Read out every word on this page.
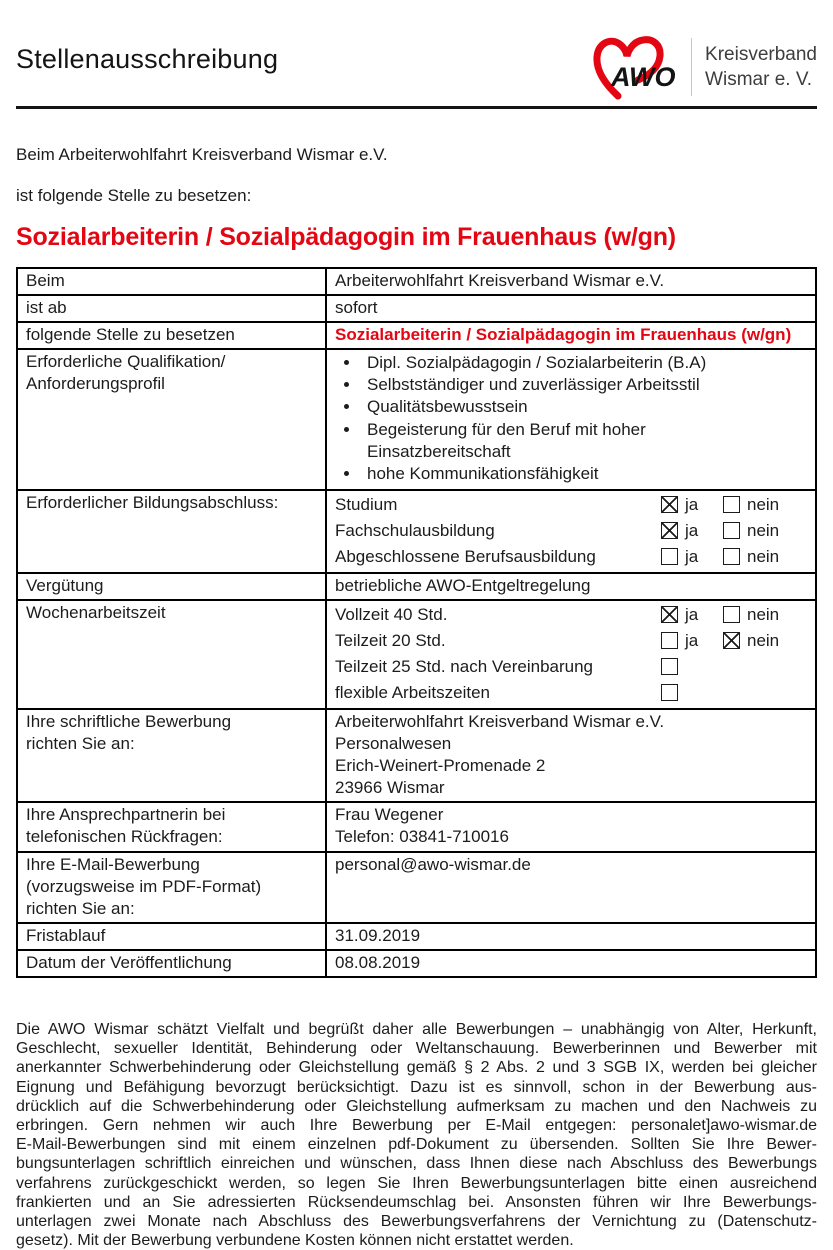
Stellenausschreibung
AWO
Kreisverband
Wismar e. V.
Beim Arbeiterwohlfahrt Kreisverband Wismar e.V.
ist folgende Stelle zu besetzen:
Sozialarbeiterin / Sozialpädagogin im Frauenhaus (w/gn)
Beim	Arbeiterwohlfahrt Kreisverband Wismar e.V.
ist ab	sofort
folgende Stelle zu besetzen	Sozialarbeiterin / Sozialpädagogin im Frauenhaus (w/gn)

Erforderliche Qualifikation/
Anforderungsprofil

• Dipl. Sozialpädagogin / Sozialarbeiterin (B.A)
• Selbstständiger und zuverlässiger Arbeitsstil
• Qualitätsbewusstsein
• Begeisterung für den Beruf mit hoher Einsatzbereitschaft
• hohe Kommunikationsfähigkeit

Erforderlicher Bildungsabschluss:	Studium	ja	nein
Fachschulausbildung	ja	nein
Abgeschlossene Berufsausbildung	ja	nein

Vergütung	betriebliche AWO-Entgeltregelung
Wochenarbeitszeit	Vollzeit 40 Std.	ja	nein
Teilzeit 20 Std.	ja	nein
Teilzeit 25 Std. nach Vereinbarung
flexible Arbeitszeiten

Ihre schriftliche Bewerbung
richten Sie an:

Arbeiterwohlfahrt Kreisverband Wismar e.V.
Personalwesen
Erich-Weinert-Promenade 2
23966 Wismar

Ihre Ansprechpartnerin bei
telefonischen Rückfragen:

Frau Wegener
Telefon: 03841-710016

Ihre E-Mail-Bewerbung
(vorzugsweise im PDF-Format)
richten Sie an:	personal@awo-wismar.de
Fristablauf	31.09.2019
Datum der Veröffentlichung	08.08.2019
Die AWO Wismar schätzt Vielfalt und begrüßt daher alle Bewerbungen – unabhängig von Alter, Herkunft,
Geschlecht, sexueller Identität, Behinderung oder Weltanschauung. Bewerberinnen und Bewerber mit
anerkannter Schwerbehinderung oder Gleichstellung gemäß § 2 Abs. 2 und 3 SGB IX, werden bei gleicher
Eignung und Befähigung bevorzugt berücksichtigt. Dazu ist es sinnvoll, schon in der Bewerbung aus-
drücklich auf die Schwerbehinderung oder Gleichstellung aufmerksam zu machen und den Nachweis zu
erbringen. Gern nehmen wir auch Ihre Bewerbung per E-Mail entgegen: personalet]awo-wismar.de
E-Mail-Bewerbungen sind mit einem einzelnen pdf-Dokument zu übersenden. Sollten Sie Ihre Bewer-
bungsunterlagen schriftlich einreichen und wünschen, dass Ihnen diese nach Abschluss des Bewerbungs
verfahrens zurückgeschickt werden, so legen Sie Ihren Bewerbungsunterlagen bitte einen ausreichend
frankierten und an Sie adressierten Rücksendeumschlag bei. Ansonsten führen wir Ihre Bewerbungs-
unterlagen zwei Monate nach Abschluss des Bewerbungsverfahrens der Vernichtung zu (Datenschutz-
gesetz). Mit der Bewerbung verbundene Kosten können nicht erstattet werden.
